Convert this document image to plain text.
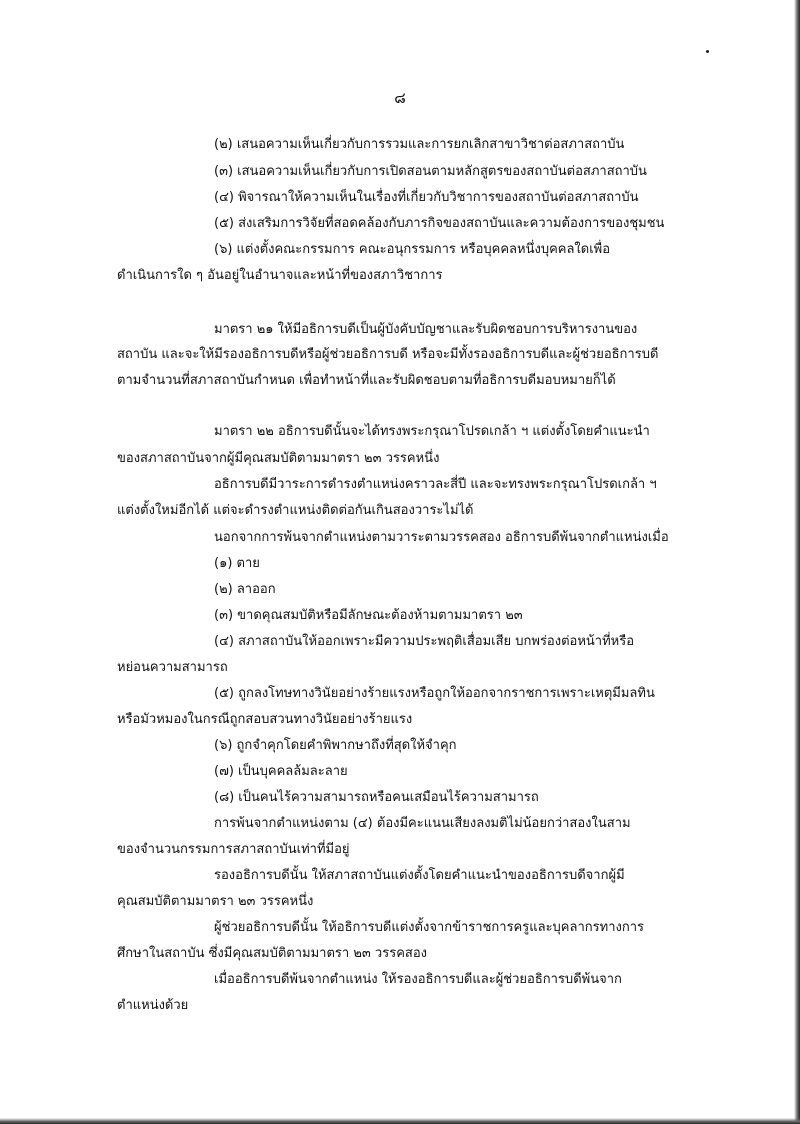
๘

(๒) เสนอความเห็นเกี่ยวกับการรวมและการยกเลิกสาขาวิชาต่อสภาสถาบัน

(๓) เสนอความเห็นเกี่ยวกับการเปิดสอนตามหลักสูตรของสถาบันต่อสภาสถาบัน

(๔) พิจารณาให้ความเห็นในเรื่องที่เกี่ยวกับวิชาการของสถาบันต่อสภาสถาบัน

(๕) ส่งเสริมการวิจัยที่สอดคล้องกับภารกิจของสถาบันและความต้องการของชุมชน

(๖) แต่งตั้งคณะกรรมการ คณะอนุกรรมการ หรือบุคคลหนึ่งบุคคลใดเพื่อ

ดำเนินการใด ๆ อันอยู่ในอำนาจและหน้าที่ของสภาวิชาการ

มาตรา ๒๑ ให้มีอธิการบดีเป็นผู้บังคับบัญชาและรับผิดชอบการบริหารงานของ

สถาบัน และจะให้มีรองอธิการบดีหรือผู้ช่วยอธิการบดี หรือจะมีทั้งรองอธิการบดีและผู้ช่วยอธิการบดี

ตามจำนวนที่สภาสถาบันกำหนด เพื่อทำหน้าที่และรับผิดชอบตามที่อธิการบดีมอบหมายก็ได้

มาตรา ๒๒ อธิการบดีนั้นจะได้ทรงพระกรุณาโปรดเกล้า ฯ แต่งตั้งโดยคำแนะนำ

ของสภาสถาบันจากผู้มีคุณสมบัติตามมาตรา ๒๓ วรรคหนึ่ง

อธิการบดีมีวาระการดำรงตำแหน่งคราวละสี่ปี และจะทรงพระกรุณาโปรดเกล้า ฯ

แต่งตั้งใหม่อีกได้ แต่จะดำรงตำแหน่งติดต่อกันเกินสองวาระไม่ได้

นอกจากการพ้นจากตำแหน่งตามวาระตามวรรคสอง อธิการบดีพ้นจากตำแหน่งเมื่อ

(๑) ตาย

(๒) ลาออก

(๓) ขาดคุณสมบัติหรือมีลักษณะต้องห้ามตามมาตรา ๒๓

(๔) สภาสถาบันให้ออกเพราะมีความประพฤติเสื่อมเสีย บกพร่องต่อหน้าที่หรือ

หย่อนความสามารถ

(๕) ถูกลงโทษทางวินัยอย่างร้ายแรงหรือถูกให้ออกจากราชการเพราะเหตุมีมลทิน

หรือมัวหมองในกรณีถูกสอบสวนทางวินัยอย่างร้ายแรง

(๖) ถูกจำคุกโดยคำพิพากษาถึงที่สุดให้จำคุก

(๗) เป็นบุคคลล้มละลาย

(๘) เป็นคนไร้ความสามารถหรือคนเสมือนไร้ความสามารถ

การพ้นจากตำแหน่งตาม (๔) ต้องมีคะแนนเสียงลงมติไม่น้อยกว่าสองในสาม

ของจำนวนกรรมการสภาสถาบันเท่าที่มีอยู่

รองอธิการบดีนั้น ให้สภาสถาบันแต่งตั้งโดยคำแนะนำของอธิการบดีจากผู้มี

คุณสมบัติตามมาตรา ๒๓ วรรคหนึ่ง

ผู้ช่วยอธิการบดีนั้น ให้อธิการบดีแต่งตั้งจากข้าราชการครูและบุคลากรทางการ

ศึกษาในสถาบัน ซึ่งมีคุณสมบัติตามมาตรา ๒๓ วรรคสอง

เมื่ออธิการบดีพ้นจากตำแหน่ง ให้รองอธิการบดีและผู้ช่วยอธิการบดีพ้นจาก

ตำแหน่งด้วย
